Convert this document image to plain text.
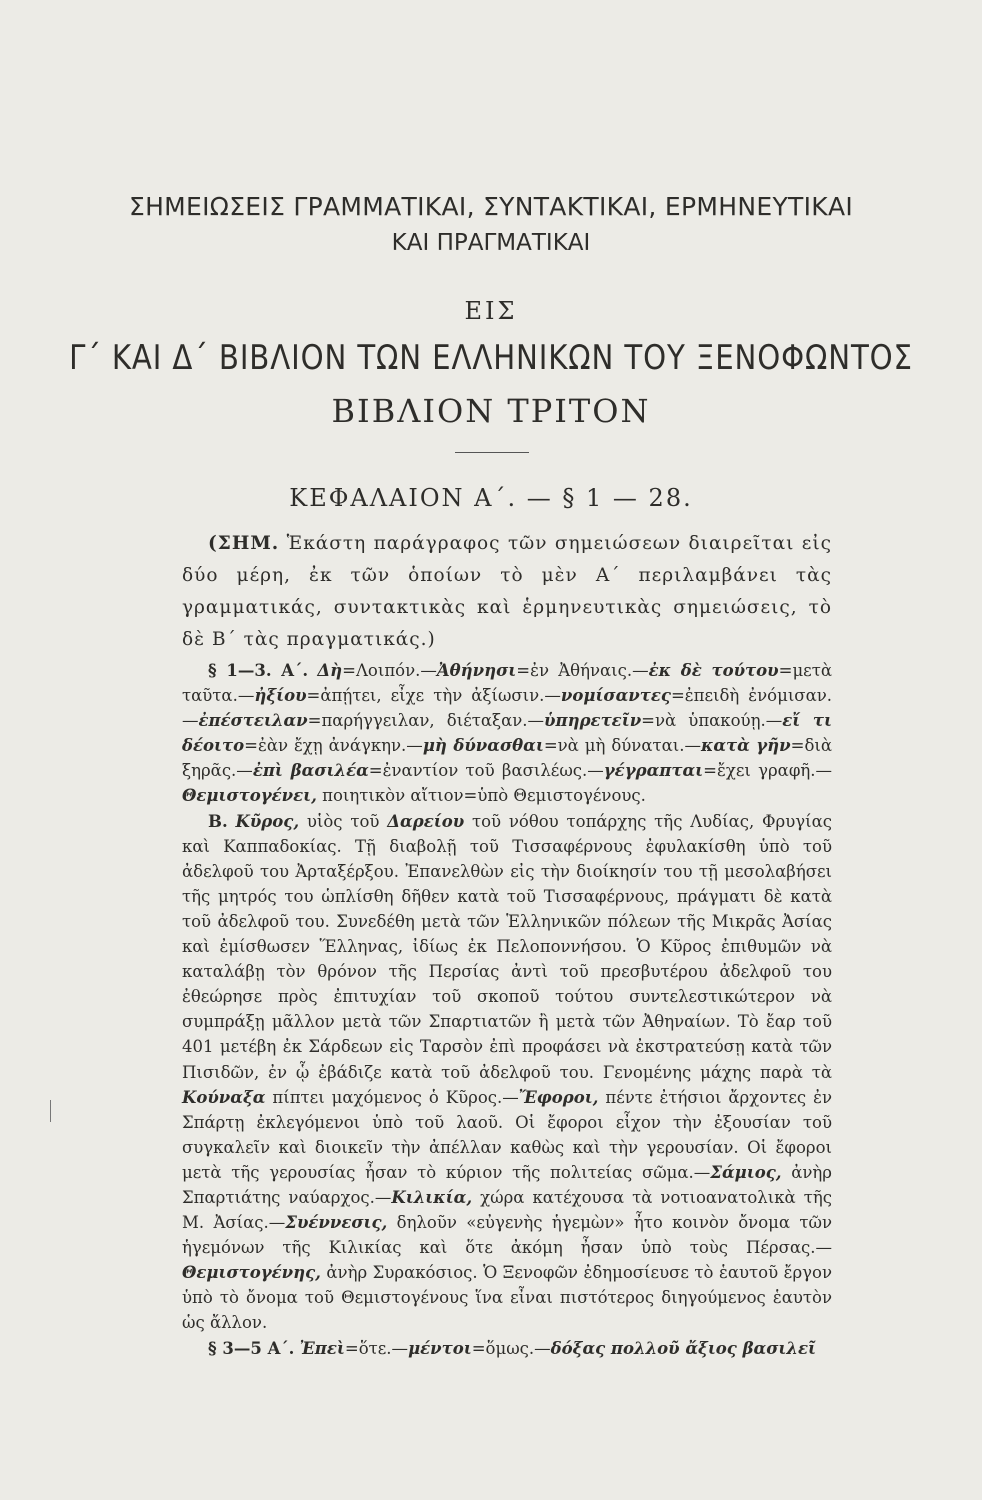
ΣΗΜΕΙΩΣΕΙΣ ΓΡΑΜΜΑΤΙΚΑΙ, ΣΥΝΤΑΚΤΙΚΑΙ, ΕΡΜΗΝΕΥΤΙΚΑΙ
ΚΑΙ ΠΡΑΓΜΑΤΙΚΑΙ
ΕΙΣ
Γ΄ ΚΑΙ Δ΄ ΒΙΒΛΙΟΝ ΤΩΝ ΕΛΛΗΝΙΚΩΝ ΤΟΥ ΞΕΝΟΦΩΝΤΟΣ
ΒΙΒΛΙΟΝ ΤΡΙΤΟΝ
ΚΕΦΑΛΑΙΟΝ Α΄. — § 1 — 28.

(ΣΗΜ. Ἑκάστη παράγραφος τῶν σημειώσεων διαιρεῖται εἰς δύο μέρη, ἐκ τῶν ὁποίων τὸ μὲν Α΄ περιλαμβάνει τὰς γραμματικάς, συντακτικὰς καὶ ἑρμηνευτικὰς σημειώσεις, τὸ δὲ Β΄ τὰς πραγματικάς.)

§ 1—3. Α΄. Δὴ=Λοιπόν.—Ἀθήνησι=ἐν Ἀθήναις.—ἐκ δὲ τούτου=μετὰ ταῦτα.—ἠξίου=ἀπῄτει, εἶχε τὴν ἀξίωσιν.—νομίσαντες=ἐπειδὴ ἐνόμισαν.—ἐπέστειλαν=παρήγγειλαν, διέταξαν.—ὑπηρετεῖν=νὰ ὑπακούῃ.—εἴ τι δέοιτο=ἐὰν ἔχῃ ἀνάγκην.—μὴ δύνασθαι=νὰ μὴ δύναται.—κατὰ γῆν=διὰ ξηρᾶς.—ἐπὶ βασιλέα=ἐναντίον τοῦ βασιλέως.—γέγραπται=ἔχει γραφῆ.—Θεμιστογένει, ποιητικὸν αἴτιον=ὑπὸ Θεμιστογένους.

Β. Κῦρος, υἱὸς τοῦ Δαρείου τοῦ νόθου τοπάρχης τῆς Λυδίας, Φρυγίας καὶ Καππαδοκίας. Τῇ διαβολῇ τοῦ Τισσαφέρνους ἐφυλακίσθη ὑπὸ τοῦ ἀδελφοῦ του Ἀρταξέρξου. Ἐπανελθὼν εἰς τὴν διοίκησίν του τῇ μεσολαβήσει τῆς μητρός του ὡπλίσθη δῆθεν κατὰ τοῦ Τισσαφέρνους, πράγματι δὲ κατὰ τοῦ ἀδελφοῦ του. Συνεδέθη μετὰ τῶν Ἑλληνικῶν πόλεων τῆς Μικρᾶς Ἀσίας καὶ ἐμίσθωσεν Ἕλληνας, ἰδίως ἐκ Πελοποννήσου. Ὁ Κῦρος ἐπιθυμῶν νὰ καταλάβῃ τὸν θρόνον τῆς Περσίας ἀντὶ τοῦ πρεσβυτέρου ἀδελφοῦ του ἐθεώρησε πρὸς ἐπιτυχίαν τοῦ σκοποῦ τούτου συντελεστικώτερον νὰ συμπράξῃ μᾶλλον μετὰ τῶν Σπαρτιατῶν ἢ μετὰ τῶν Ἀθηναίων. Τὸ ἔαρ τοῦ 401 μετέβη ἐκ Σάρδεων εἰς Ταρσὸν ἐπὶ προφάσει νὰ ἐκστρατεύσῃ κατὰ τῶν Πισιδῶν, ἐν ᾧ ἐβάδιζε κατὰ τοῦ ἀδελφοῦ του. Γενομένης μάχης παρὰ τὰ Κούναξα πίπτει μαχόμενος ὁ Κῦρος.—Ἔφοροι, πέντε ἐτήσιοι ἄρχοντες ἐν Σπάρτῃ ἐκλεγόμενοι ὑπὸ τοῦ λαοῦ. Οἱ ἔφοροι εἶχον τὴν ἐξουσίαν τοῦ συγκαλεῖν καὶ διοικεῖν τὴν ἀπέλλαν καθὼς καὶ τὴν γερουσίαν. Οἱ ἔφοροι μετὰ τῆς γερουσίας ἦσαν τὸ κύριον τῆς πολιτείας σῶμα.—Σάμιος, ἀνὴρ Σπαρτιάτης ναύαρχος.—Κιλικία, χώρα κατέχουσα τὰ νοτιοανατολικὰ τῆς Μ. Ἀσίας.—Συέννεσις, δηλοῦν «εὐγενὴς ἡγεμὼν» ἦτο κοινὸν ὄνομα τῶν ἡγεμόνων τῆς Κιλικίας καὶ ὅτε ἀκόμη ἦσαν ὑπὸ τοὺς Πέρσας.—Θεμιστογένης, ἀνὴρ Συρακόσιος. Ὁ Ξενοφῶν ἐδημοσίευσε τὸ ἑαυτοῦ ἔργον ὑπὸ τὸ ὄνομα τοῦ Θεμιστογένους ἵνα εἶναι πιστότερος διηγούμενος ἑαυτὸν ὡς ἄλλον.

§ 3—5 Α΄. Ἐπεὶ=ὅτε.—μέντοι=ὅμως.—δόξας πολλοῦ ἄξιος βασιλεῖ
